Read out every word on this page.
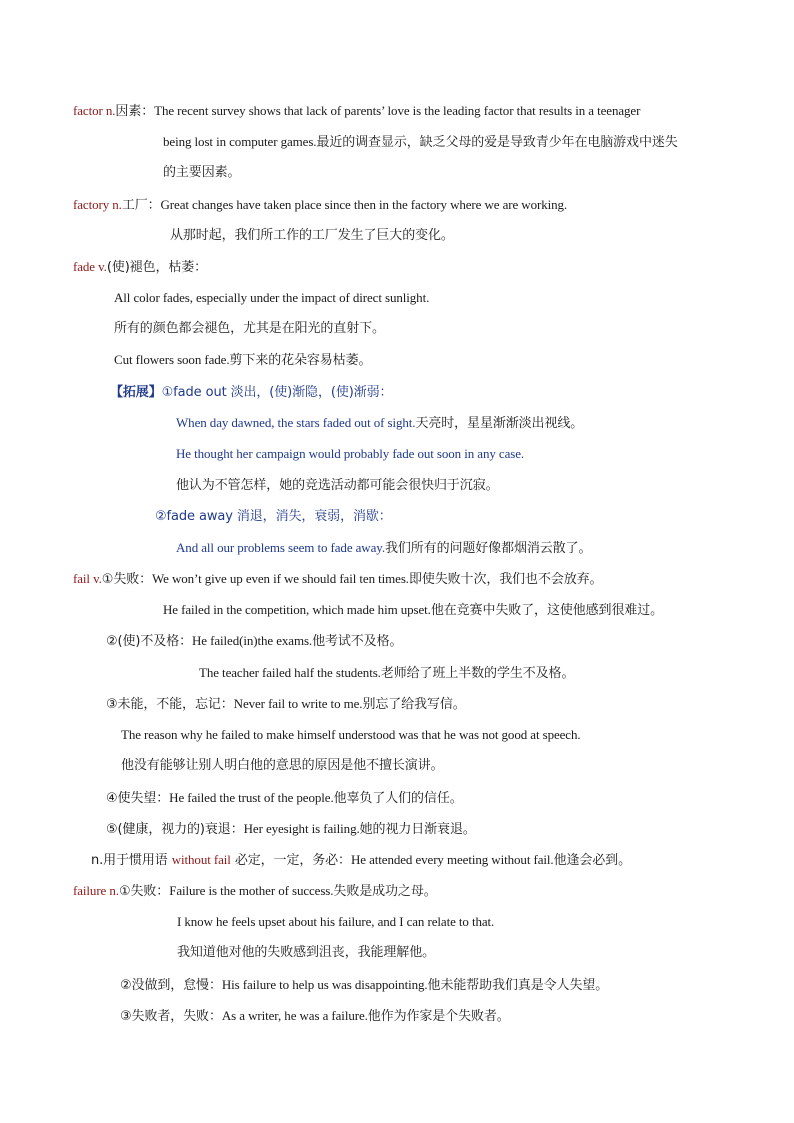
factor n.因素：The recent survey shows that lack of parents’ love is the leading factor that results in a teenager
being lost in computer games.最近的调查显示，缺乏父母的爱是导致青少年在电脑游戏中迷失
的主要因素。
factory n.工厂：Great changes have taken place since then in the factory where we are working.
从那时起，我们所工作的工厂发生了巨大的变化。
fade v.(使)褪色，枯萎：
All color fades, especially under the impact of direct sunlight.
所有的颜色都会褪色，尤其是在阳光的直射下。
Cut flowers soon fade.剪下来的花朵容易枯萎。
【拓展】①fade out 淡出，(使)渐隐，(使)渐弱：
When day dawned, the stars faded out of sight.天亮时，星星渐渐淡出视线。
He thought her campaign would probably fade out soon in any case.
他认为不管怎样，她的竞选活动都可能会很快归于沉寂。
②fade away 消退，消失，衰弱，消歇：
And all our problems seem to fade away.我们所有的问题好像都烟消云散了。
fail v.①失败：We won’t give up even if we should fail ten times.即使失败十次，我们也不会放弃。
He failed in the competition, which made him upset.他在竞赛中失败了，这使他感到很难过。
②(使)不及格：He failed(in)the exams.他考试不及格。
The teacher failed half the students.老师给了班上半数的学生不及格。
③未能，不能，忘记：Never fail to write to me.别忘了给我写信。
The reason why he failed to make himself understood was that he was not good at speech.
他没有能够让别人明白他的意思的原因是他不擅长演讲。
④使失望：He failed the trust of the people.他辜负了人们的信任。
⑤(健康，视力的)衰退：Her eyesight is failing.她的视力日渐衰退。
n.用于惯用语 without fail 必定，一定，务必：He attended every meeting without fail.他逢会必到。
failure n.①失败：Failure is the mother of success.失败是成功之母。
I know he feels upset about his failure, and I can relate to that.
我知道他对他的失败感到沮丧，我能理解他。
②没做到，怠慢：His failure to help us was disappointing.他未能帮助我们真是令人失望。
③失败者，失败：As a writer, he was a failure.他作为作家是个失败者。
